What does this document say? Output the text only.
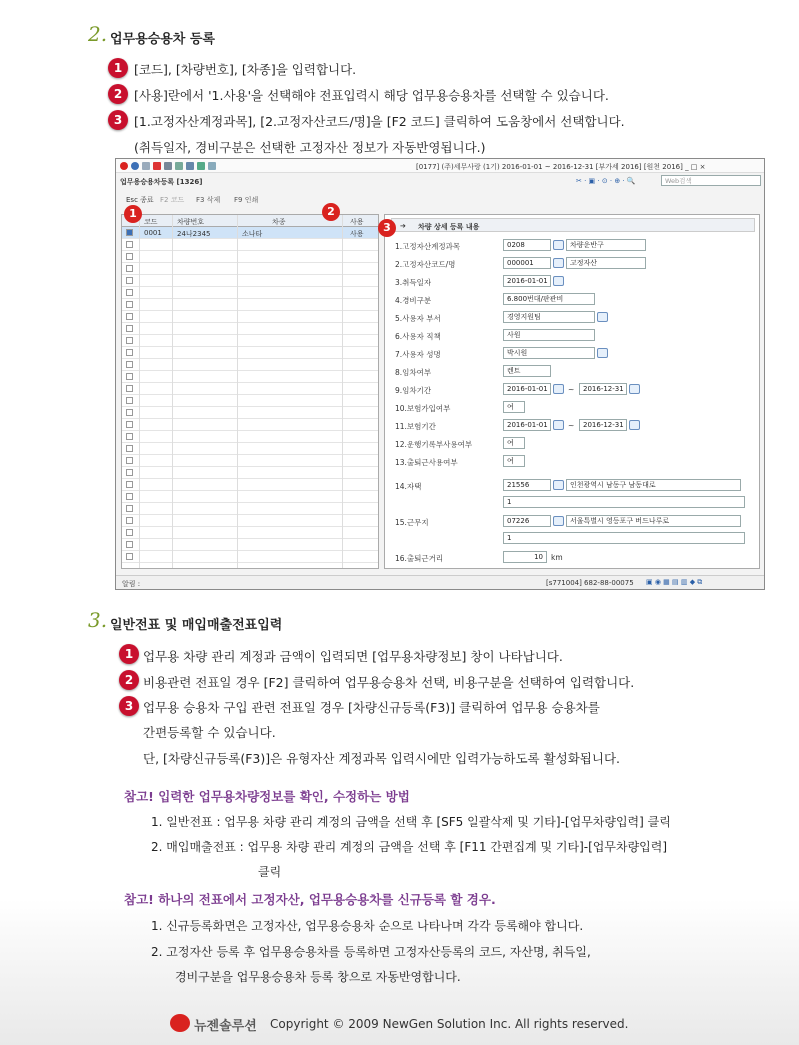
2. 업무용승용차 등록
1 [코드], [차량번호], [차종]을 입력합니다.
2 [사용]란에서 '1.사용'을 선택해야 전표입력시 해당 업무용승용차를 선택할 수 있습니다.
3 [1.고정자산계정과목], [2.고정자산코드/명]을 [F2 코드] 클릭하여 도움창에서 선택합니다.
(취득일자, 경비구분은 선택한 고정자산 정보가 자동반영됩니다.)
[0177] (주)세무사랑 (1기) 2016-01-01 ~ 2016-12-31 [부가세 2016] [원천 2016] _ □ ×
업무용승용차등록 [1326]	✂ · ▣ · ⊙ · ⊕ · 🔍	Web검색
Esc 종료 F2 코드 F3 삭제 F9 인쇄
코드	차량번호	차종	사용
0001 24나2345	소나타	사용
1	2
➔ 차량 상세 등록 내용
1.고정자산계정과목	0208	차량운반구
2.고정자산코드/명	000001	고정자산
3.취득일자	2016-01-01
4.경비구분	6.800번대/판관비
5.사용자 부서	경영지원팀
6.사용자 직책	사원
7.사용자 성명	박시원
8.임차여부	렌트
9.임차기간	2016-01-01	~	2016-12-31
10.보험가입여부	여
11.보험기간	2016-01-01	~	2016-12-31
12.운행기록부사용여부	여
13.출퇴근사용여부	여
14.자택	21556	인천광역시 남동구 남동대로
1
15.근무지	07226	서울특별시 영등포구 버드나루로
1
16.출퇴근거리	10	km
3
알림 :	[s771004] 682-88-00075 ▣ ◉ ▦ ▤ ▥ ◆ ⧉
3. 일반전표 및 매입매출전표입력
1 업무용 차량 관리 계정과 금액이 입력되면 [업무용차량정보] 창이 나타납니다.
2 비용관련 전표일 경우 [F2] 클릭하여 업무용승용차 선택, 비용구분을 선택하여 입력합니다.
3 업무용 승용차 구입 관련 전표일 경우 [차량신규등록(F3)] 클릭하여 업무용 승용차를
간편등록할 수 있습니다.
단, [차량신규등록(F3)]은 유형자산 계정과목 입력시에만 입력가능하도록 활성화됩니다.
참고! 입력한 업무용차량정보를 확인, 수정하는 방법
1. 일반전표 : 업무용 차량 관리 계정의 금액을 선택 후 [SF5 일괄삭제 및 기타]-[업무차량입력] 클릭
2. 매입매출전표 : 업무용 차량 관리 계정의 금액을 선택 후 [F11 간편집계 및 기타]-[업무차량입력]
클릭
참고! 하나의 전표에서 고정자산, 업무용승용차를 신규등록 할 경우.
1. 신규등록화면은 고정자산, 업무용승용차 순으로 나타나며 각각 등록해야 합니다.
2. 고정자산 등록 후 업무용승용차를 등록하면 고정자산등록의 코드, 자산명, 취득일,
경비구분을 업무용승용차 등록 창으로 자동반영합니다.
뉴젠솔루션 Copyright © 2009 NewGen Solution Inc. All rights reserved.
